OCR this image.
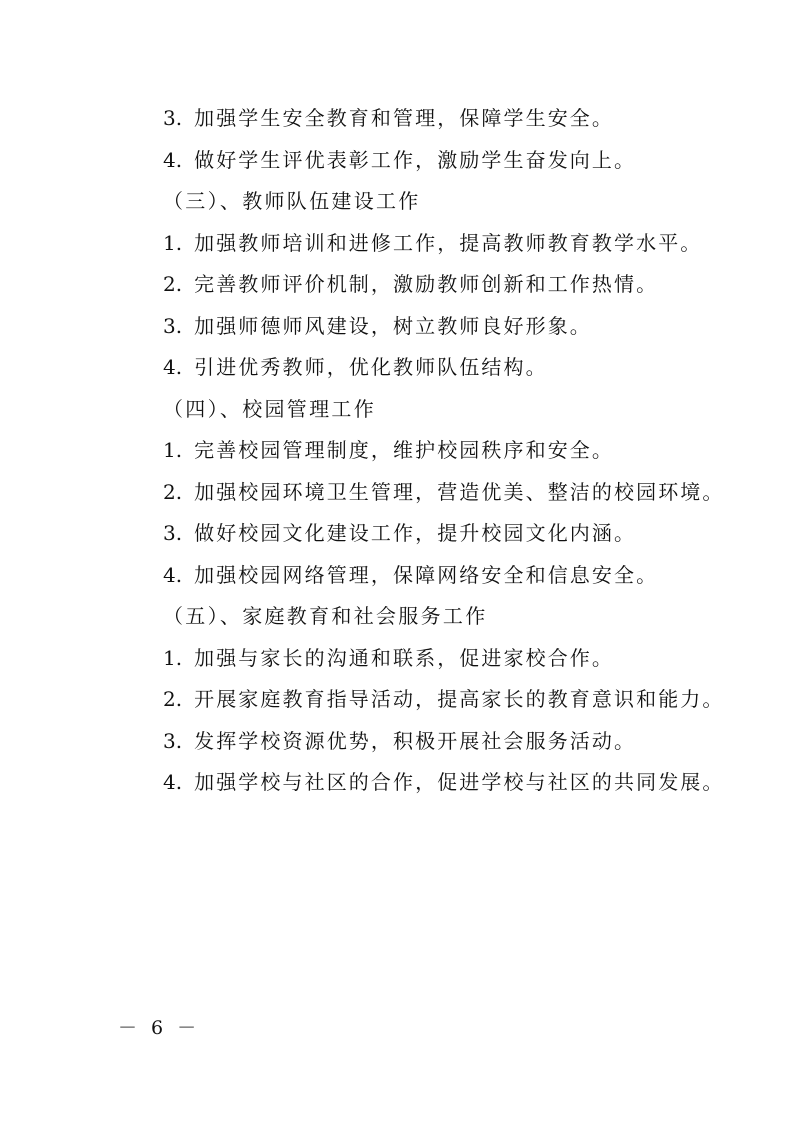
3. 加强学生安全教育和管理，保障学生安全。
4. 做好学生评优表彰工作，激励学生奋发向上。
（三）、教师队伍建设工作
1. 加强教师培训和进修工作，提高教师教育教学水平。
2. 完善教师评价机制，激励教师创新和工作热情。
3. 加强师德师风建设，树立教师良好形象。
4. 引进优秀教师，优化教师队伍结构。
（四）、校园管理工作
1. 完善校园管理制度，维护校园秩序和安全。
2. 加强校园环境卫生管理，营造优美、整洁的校园环境。
3. 做好校园文化建设工作，提升校园文化内涵。
4. 加强校园网络管理，保障网络安全和信息安全。
（五）、家庭教育和社会服务工作
1. 加强与家长的沟通和联系，促进家校合作。
2. 开展家庭教育指导活动，提高家长的教育意识和能力。
3. 发挥学校资源优势，积极开展社会服务活动。
4. 加强学校与社区的合作，促进学校与社区的共同发展。
－ 6 －
